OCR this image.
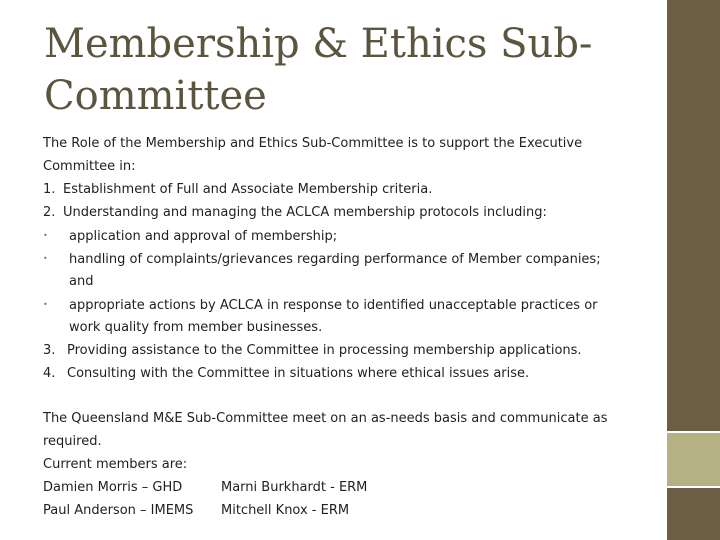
Membership & Ethics Sub-Committee
The Role of the Membership and Ethics Sub-Committee is to support the Executive
Committee in:
1. Establishment of Full and Associate Membership criteria.
2. Understanding and managing the ACLCA membership protocols including:
• application and approval of membership;
• handling of complaints/grievances regarding performance of Member companies;
and
• appropriate actions by ACLCA in response to identified unacceptable practices or
work quality from member businesses.
3. Providing assistance to the Committee in processing membership applications.
4. Consulting with the Committee in situations where ethical issues arise.
The Queensland M&E Sub-Committee meet on an as-needs basis and communicate as
required.
Current members are:
Damien Morris – GHD	Marni Burkhardt - ERM
Paul Anderson – IMEMS Mitchell Knox - ERM
